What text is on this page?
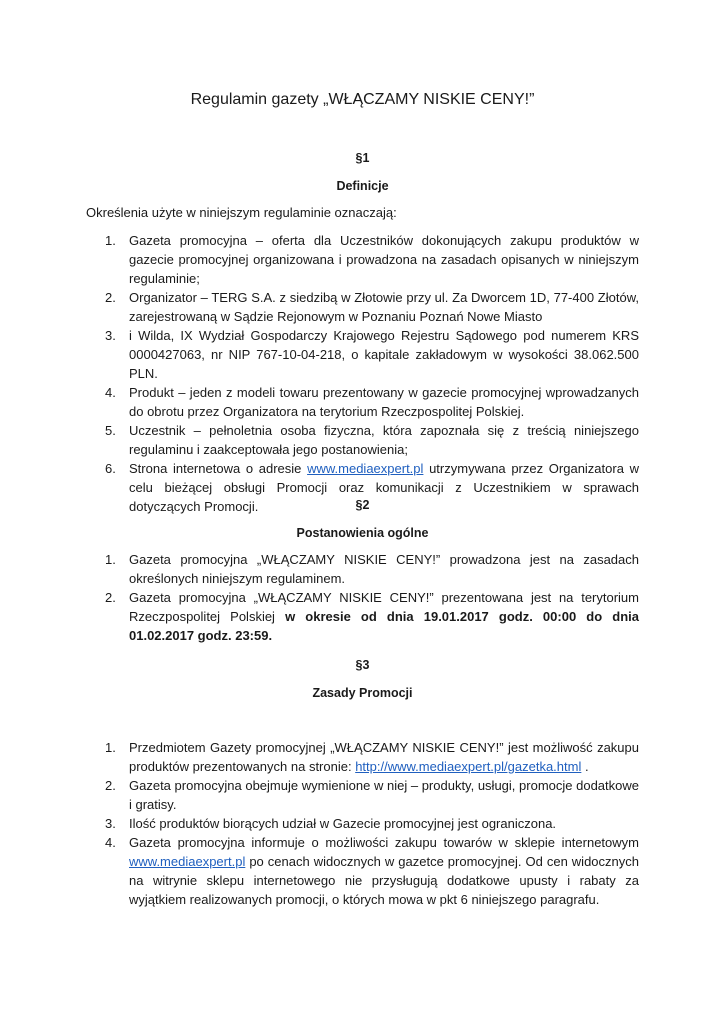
Regulamin gazety „WŁĄCZAMY NISKIE CENY!”
§1
Definicje
Określenia użyte w niniejszym regulaminie oznaczają:
1. Gazeta promocyjna – oferta dla Uczestników dokonujących zakupu produktów w gazecie promocyjnej organizowana i prowadzona na zasadach opisanych w niniejszym regulaminie;
2. Organizator – TERG S.A. z siedzibą w Złotowie przy ul. Za Dworcem 1D, 77-400 Złotów, zarejestrowaną w Sądzie Rejonowym w Poznaniu Poznań Nowe Miasto
3. i Wilda, IX Wydział Gospodarczy Krajowego Rejestru Sądowego pod numerem KRS 0000427063, nr NIP 767-10-04-218, o kapitale zakładowym w wysokości 38.062.500 PLN.
4. Produkt – jeden z modeli towaru prezentowany w gazecie promocyjnej wprowadzanych do obrotu przez Organizatora na terytorium Rzeczpospolitej Polskiej.
5. Uczestnik – pełnoletnia osoba fizyczna, która zapoznała się z treścią niniejszego regulaminu i zaakceptowała jego postanowienia;
6. Strona internetowa o adresie www.mediaexpert.pl utrzymywana przez Organizatora w celu bieżącej obsługi Promocji oraz komunikacji z Uczestnikiem w sprawach dotyczących Promocji.	§2
Postanowienia ogólne
1. Gazeta promocyjna „WŁĄCZAMY NISKIE CENY!” prowadzona jest na zasadach określonych niniejszym regulaminem.
2. Gazeta promocyjna „WŁĄCZAMY NISKIE CENY!” prezentowana jest na terytorium Rzeczpospolitej Polskiej w okresie od dnia 19.01.2017 godz. 00:00 do dnia 01.02.2017 godz. 23:59.
§3
Zasady Promocji
1. Przedmiotem Gazety promocyjnej „WŁĄCZAMY NISKIE CENY!” jest możliwość zakupu produktów prezentowanych na stronie: http://www.mediaexpert.pl/gazetka.html .
2. Gazeta promocyjna obejmuje wymienione w niej – produkty, usługi, promocje dodatkowe i gratisy.
3. Ilość produktów biorących udział w Gazecie promocyjnej jest ograniczona.
4. Gazeta promocyjna informuje o możliwości zakupu towarów w sklepie internetowym www.mediaexpert.pl po cenach widocznych w gazetce promocyjnej. Od cen widocznych na witrynie sklepu internetowego nie przysługują dodatkowe upusty i rabaty za wyjątkiem realizowanych promocji, o których mowa w pkt 6 niniejszego paragrafu.
